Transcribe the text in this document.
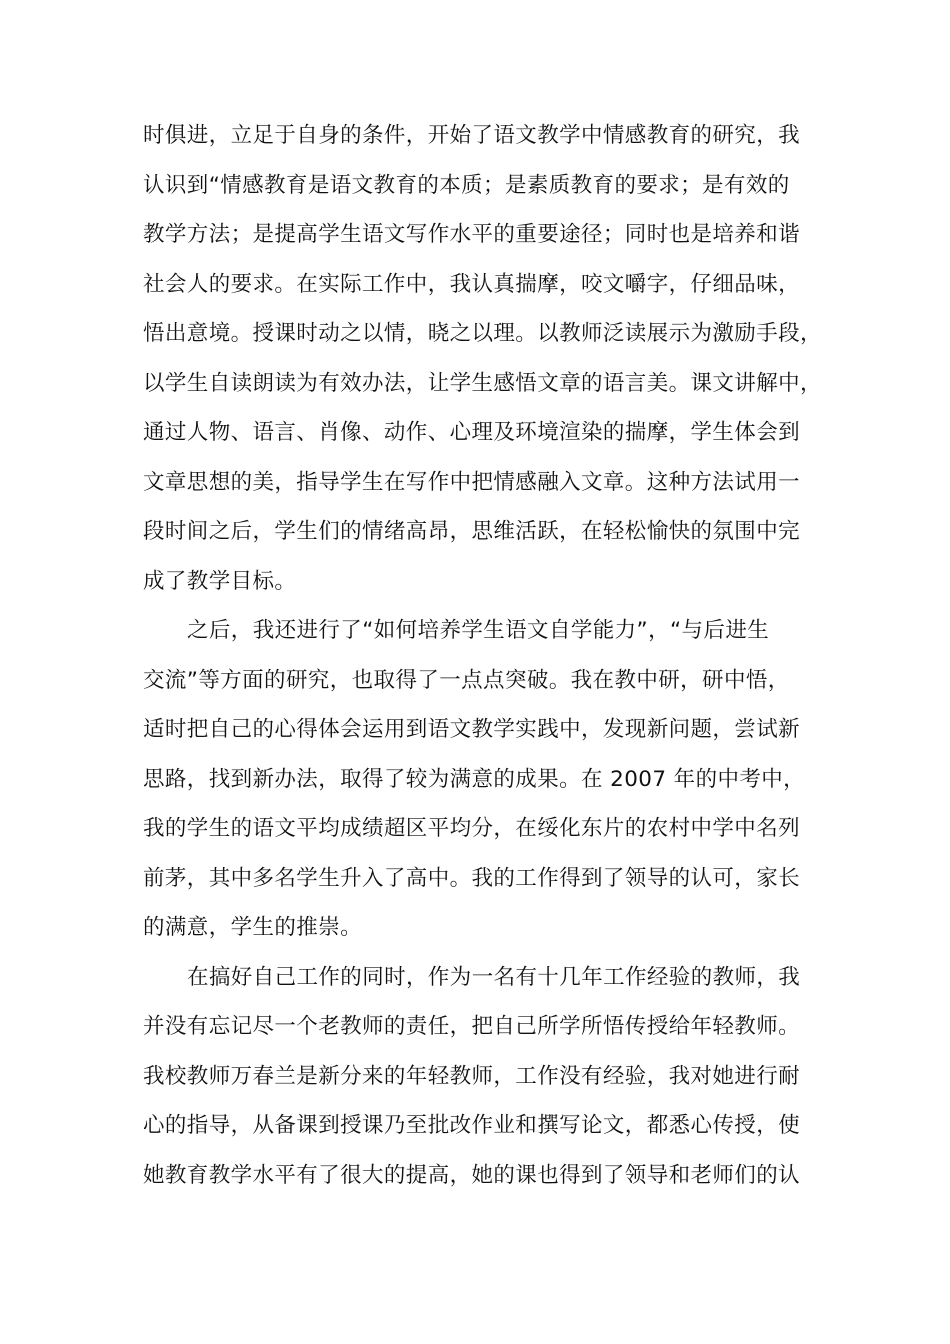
时俱进，立足于自身的条件，开始了语文教学中情感教育的研究，我
认识到“情感教育是语文教育的本质；是素质教育的要求；是有效的
教学方法；是提高学生语文写作水平的重要途径；同时也是培养和谐
社会人的要求。在实际工作中，我认真揣摩，咬文嚼字，仔细品味，
悟出意境。授课时动之以情，晓之以理。以教师泛读展示为激励手段，
以学生自读朗读为有效办法，让学生感悟文章的语言美。课文讲解中，
通过人物、语言、肖像、动作、心理及环境渲染的揣摩，学生体会到
文章思想的美，指导学生在写作中把情感融入文章。这种方法试用一
段时间之后，学生们的情绪高昂，思维活跃，在轻松愉快的氛围中完
成了教学目标。
之后，我还进行了“如何培养学生语文自学能力”，“与后进生
交流”等方面的研究，也取得了一点点突破。我在教中研，研中悟，
适时把自己的心得体会运用到语文教学实践中，发现新问题，尝试新
思路，找到新办法，取得了较为满意的成果。在 2007 年的中考中，
我的学生的语文平均成绩超区平均分，在绥化东片的农村中学中名列
前茅，其中多名学生升入了高中。我的工作得到了领导的认可，家长
的满意，学生的推崇。
在搞好自己工作的同时，作为一名有十几年工作经验的教师，我
并没有忘记尽一个老教师的责任，把自己所学所悟传授给年轻教师。
我校教师万春兰是新分来的年轻教师，工作没有经验，我对她进行耐
心的指导，从备课到授课乃至批改作业和撰写论文，都悉心传授，使
她教育教学水平有了很大的提高，她的课也得到了领导和老师们的认
